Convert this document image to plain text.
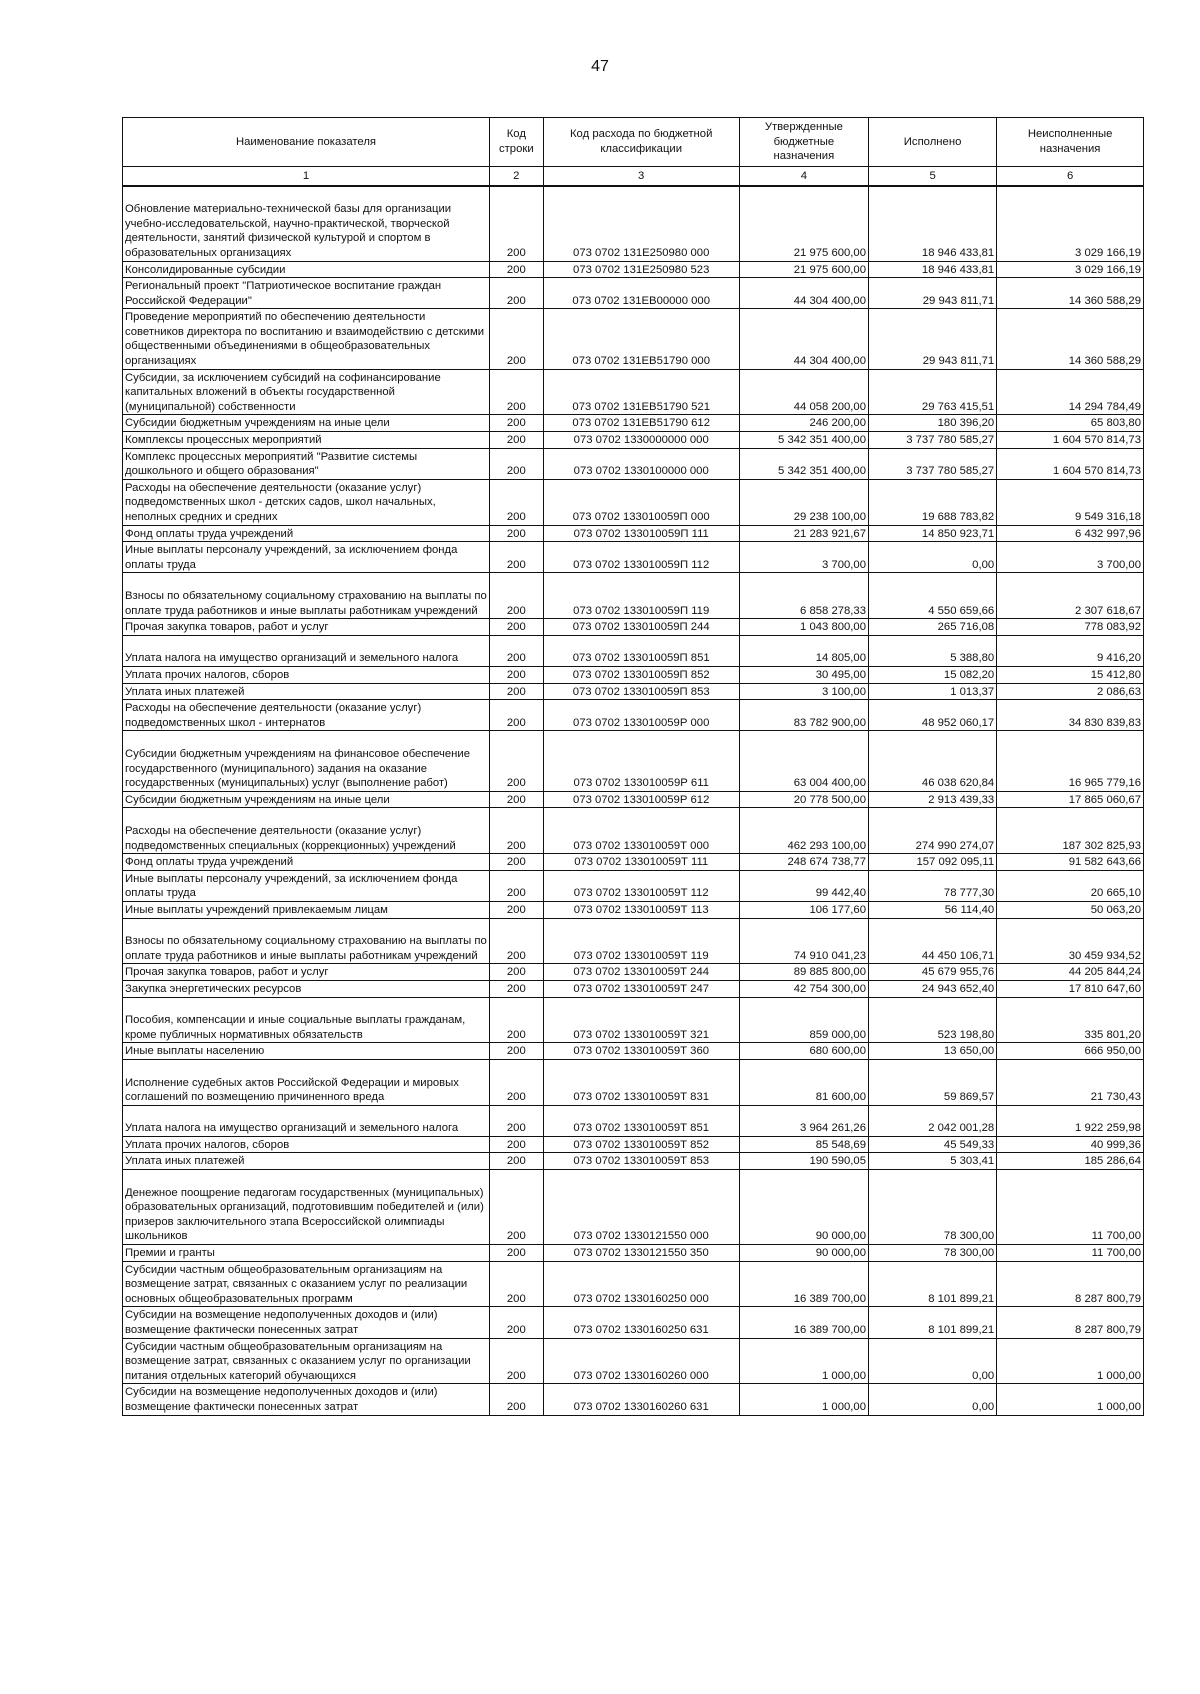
47
Наименование показателя	Код строки	Код расхода по бюджетной классификации	Утвержденные бюджетные назначения	Исполнено	Неисполненные назначения
1	2	3	4	5	6
Обновление материально-технической базы для организации учебно-исследовательской, научно-практической, творческой деятельности, занятий физической культурой и спортом в образовательных организациях	200	073 0702 131E250980 000	21 975 600,00	18 946 433,81	3 029 166,19
Консолидированные субсидии	200	073 0702 131E250980 523	21 975 600,00	18 946 433,81	3 029 166,19
Региональный проект "Патриотическое воспитание граждан Российской Федерации"	200	073 0702 131EB00000 000	44 304 400,00	29 943 811,71	14 360 588,29
Проведение мероприятий по обеспечению деятельности советников директора по воспитанию и взаимодействию с детскими общественными объединениями в общеобразовательных организациях	200	073 0702 131EB51790 000	44 304 400,00	29 943 811,71	14 360 588,29
Субсидии, за исключением субсидий на софинансирование капитальных вложений в объекты государственной (муниципальной) собственности	200	073 0702 131EB51790 521	44 058 200,00	29 763 415,51	14 294 784,49
Субсидии бюджетным учреждениям на иные цели	200	073 0702 131EB51790 612	246 200,00	180 396,20	65 803,80
Комплексы процессных мероприятий	200	073 0702 1330000000 000	5 342 351 400,00	3 737 780 585,27	1 604 570 814,73
Комплекс процессных мероприятий "Развитие системы дошкольного и общего образования"	200	073 0702 1330100000 000	5 342 351 400,00	3 737 780 585,27	1 604 570 814,73
Расходы на обеспечение деятельности (оказание услуг) подведомственных школ - детских садов, школ начальных, неполных средних и средних	200	073 0702 133010059П 000	29 238 100,00	19 688 783,82	9 549 316,18
Фонд оплаты труда учреждений	200	073 0702 133010059П 111	21 283 921,67	14 850 923,71	6 432 997,96
Иные выплаты персоналу учреждений, за исключением фонда оплаты труда	200	073 0702 133010059П 112	3 700,00	0,00	3 700,00
Взносы по обязательному социальному страхованию на выплаты по оплате труда работников и иные выплаты работникам учреждений	200	073 0702 133010059П 119	6 858 278,33	4 550 659,66	2 307 618,67
Прочая закупка товаров, работ и услуг	200	073 0702 133010059П 244	1 043 800,00	265 716,08	778 083,92
Уплата налога на имущество организаций и земельного налога	200	073 0702 133010059П 851	14 805,00	5 388,80	9 416,20
Уплата прочих налогов, сборов	200	073 0702 133010059П 852	30 495,00	15 082,20	15 412,80
Уплата иных платежей	200	073 0702 133010059П 853	3 100,00	1 013,37	2 086,63
Расходы на обеспечение деятельности (оказание услуг) подведомственных школ - интернатов	200	073 0702 133010059Р 000	83 782 900,00	48 952 060,17	34 830 839,83
Субсидии бюджетным учреждениям на финансовое обеспечение государственного (муниципального) задания на оказание государственных (муниципальных) услуг (выполнение работ)	200	073 0702 133010059Р 611	63 004 400,00	46 038 620,84	16 965 779,16
Субсидии бюджетным учреждениям на иные цели	200	073 0702 133010059Р 612	20 778 500,00	2 913 439,33	17 865 060,67
Расходы на обеспечение деятельности (оказание услуг) подведомственных специальных (коррекционных) учреждений	200	073 0702 133010059Т 000	462 293 100,00	274 990 274,07	187 302 825,93
Фонд оплаты труда учреждений	200	073 0702 133010059Т 111	248 674 738,77	157 092 095,11	91 582 643,66
Иные выплаты персоналу учреждений, за исключением фонда оплаты труда	200	073 0702 133010059Т 112	99 442,40	78 777,30	20 665,10
Иные выплаты учреждений привлекаемым лицам	200	073 0702 133010059Т 113	106 177,60	56 114,40	50 063,20
Взносы по обязательному социальному страхованию на выплаты по оплате труда работников и иные выплаты работникам учреждений	200	073 0702 133010059Т 119	74 910 041,23	44 450 106,71	30 459 934,52
Прочая закупка товаров, работ и услуг	200	073 0702 133010059Т 244	89 885 800,00	45 679 955,76	44 205 844,24
Закупка энергетических ресурсов	200	073 0702 133010059Т 247	42 754 300,00	24 943 652,40	17 810 647,60
Пособия, компенсации и иные социальные выплаты гражданам, кроме публичных нормативных обязательств	200	073 0702 133010059Т 321	859 000,00	523 198,80	335 801,20
Иные выплаты населению	200	073 0702 133010059Т 360	680 600,00	13 650,00	666 950,00
Исполнение судебных актов Российской Федерации и мировых соглашений по возмещению причиненного вреда	200	073 0702 133010059Т 831	81 600,00	59 869,57	21 730,43
Уплата налога на имущество организаций и земельного налога	200	073 0702 133010059Т 851	3 964 261,26	2 042 001,28	1 922 259,98
Уплата прочих налогов, сборов	200	073 0702 133010059Т 852	85 548,69	45 549,33	40 999,36
Уплата иных платежей	200	073 0702 133010059Т 853	190 590,05	5 303,41	185 286,64
Денежное поощрение педагогам государственных (муниципальных) образовательных организаций, подготовившим победителей и (или) призеров заключительного этапа Всероссийской олимпиады школьников	200	073 0702 1330121550 000	90 000,00	78 300,00	11 700,00
Премии и гранты	200	073 0702 1330121550 350	90 000,00	78 300,00	11 700,00
Субсидии частным общеобразовательным организациям на возмещение затрат, связанных с оказанием услуг по реализации основных общеобразовательных программ	200	073 0702 1330160250 000	16 389 700,00	8 101 899,21	8 287 800,79
Субсидии на возмещение недополученных доходов и (или) возмещение фактически понесенных затрат	200	073 0702 1330160250 631	16 389 700,00	8 101 899,21	8 287 800,79
Субсидии частным общеобразовательным организациям на возмещение затрат, связанных с оказанием услуг по организации питания отдельных категорий обучающихся	200	073 0702 1330160260 000	1 000,00	0,00	1 000,00
Субсидии на возмещение недополученных доходов и (или) возмещение фактически понесенных затрат	200	073 0702 1330160260 631	1 000,00	0,00	1 000,00
